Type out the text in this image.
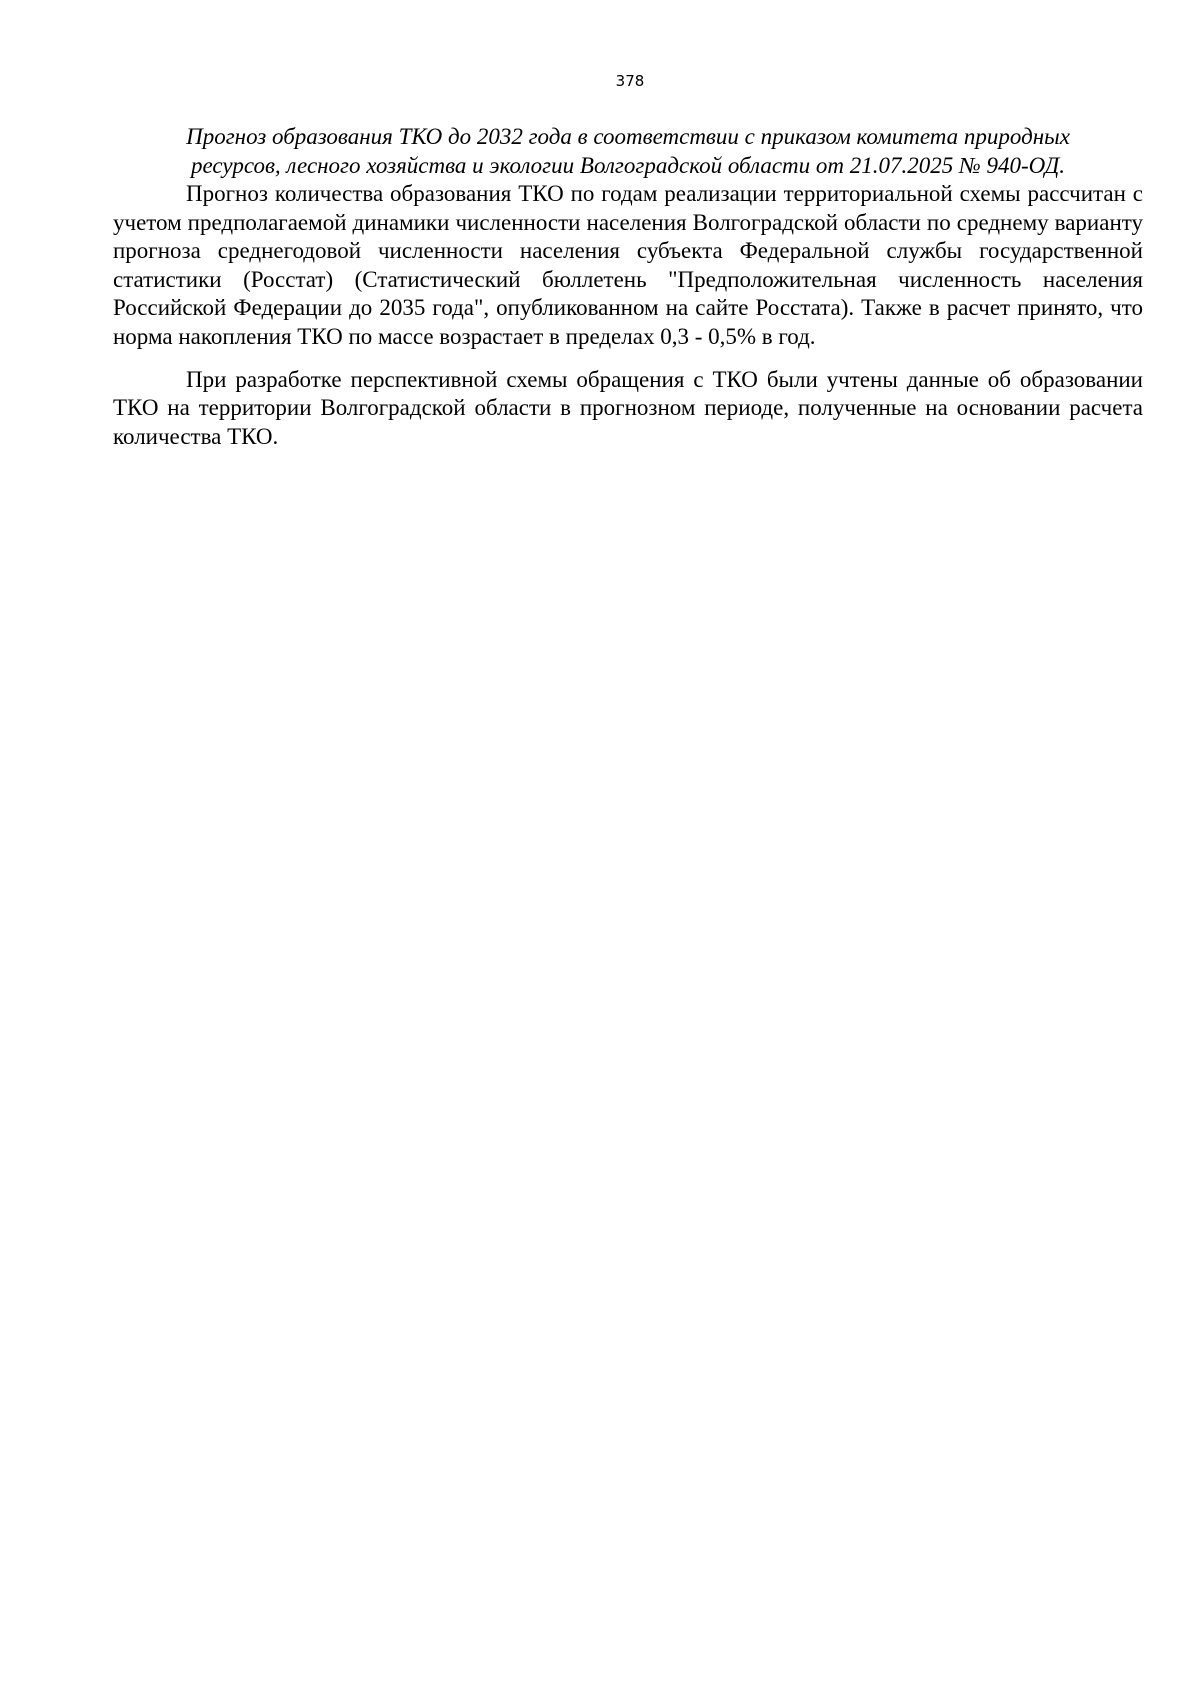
378
Прогноз образования ТКО до 2032 года в соответствии с приказом комитета природных
ресурсов, лесного хозяйства и экологии Волгоградской области от 21.07.2025 № 940-ОД.

Прогноз количества образования ТКО по годам реализации территориальной схемы рассчитан с учетом предполагаемой динамики численности населения Волгоградской области по среднему варианту прогноза среднегодовой численности населения субъекта Федеральной службы государственной статистики (Росстат) (Статистический бюллетень "Предположительная численность населения Российской Федерации до 2035 года", опубликованном на сайте Росстата). Также в расчет принято, что норма накопления ТКО по массе возрастает в пределах 0,3 - 0,5% в год.

При разработке перспективной схемы обращения с ТКО были учтены данные об образовании ТКО на территории Волгоградской области в прогнозном периоде, полученные на основании расчета количества ТКО.
